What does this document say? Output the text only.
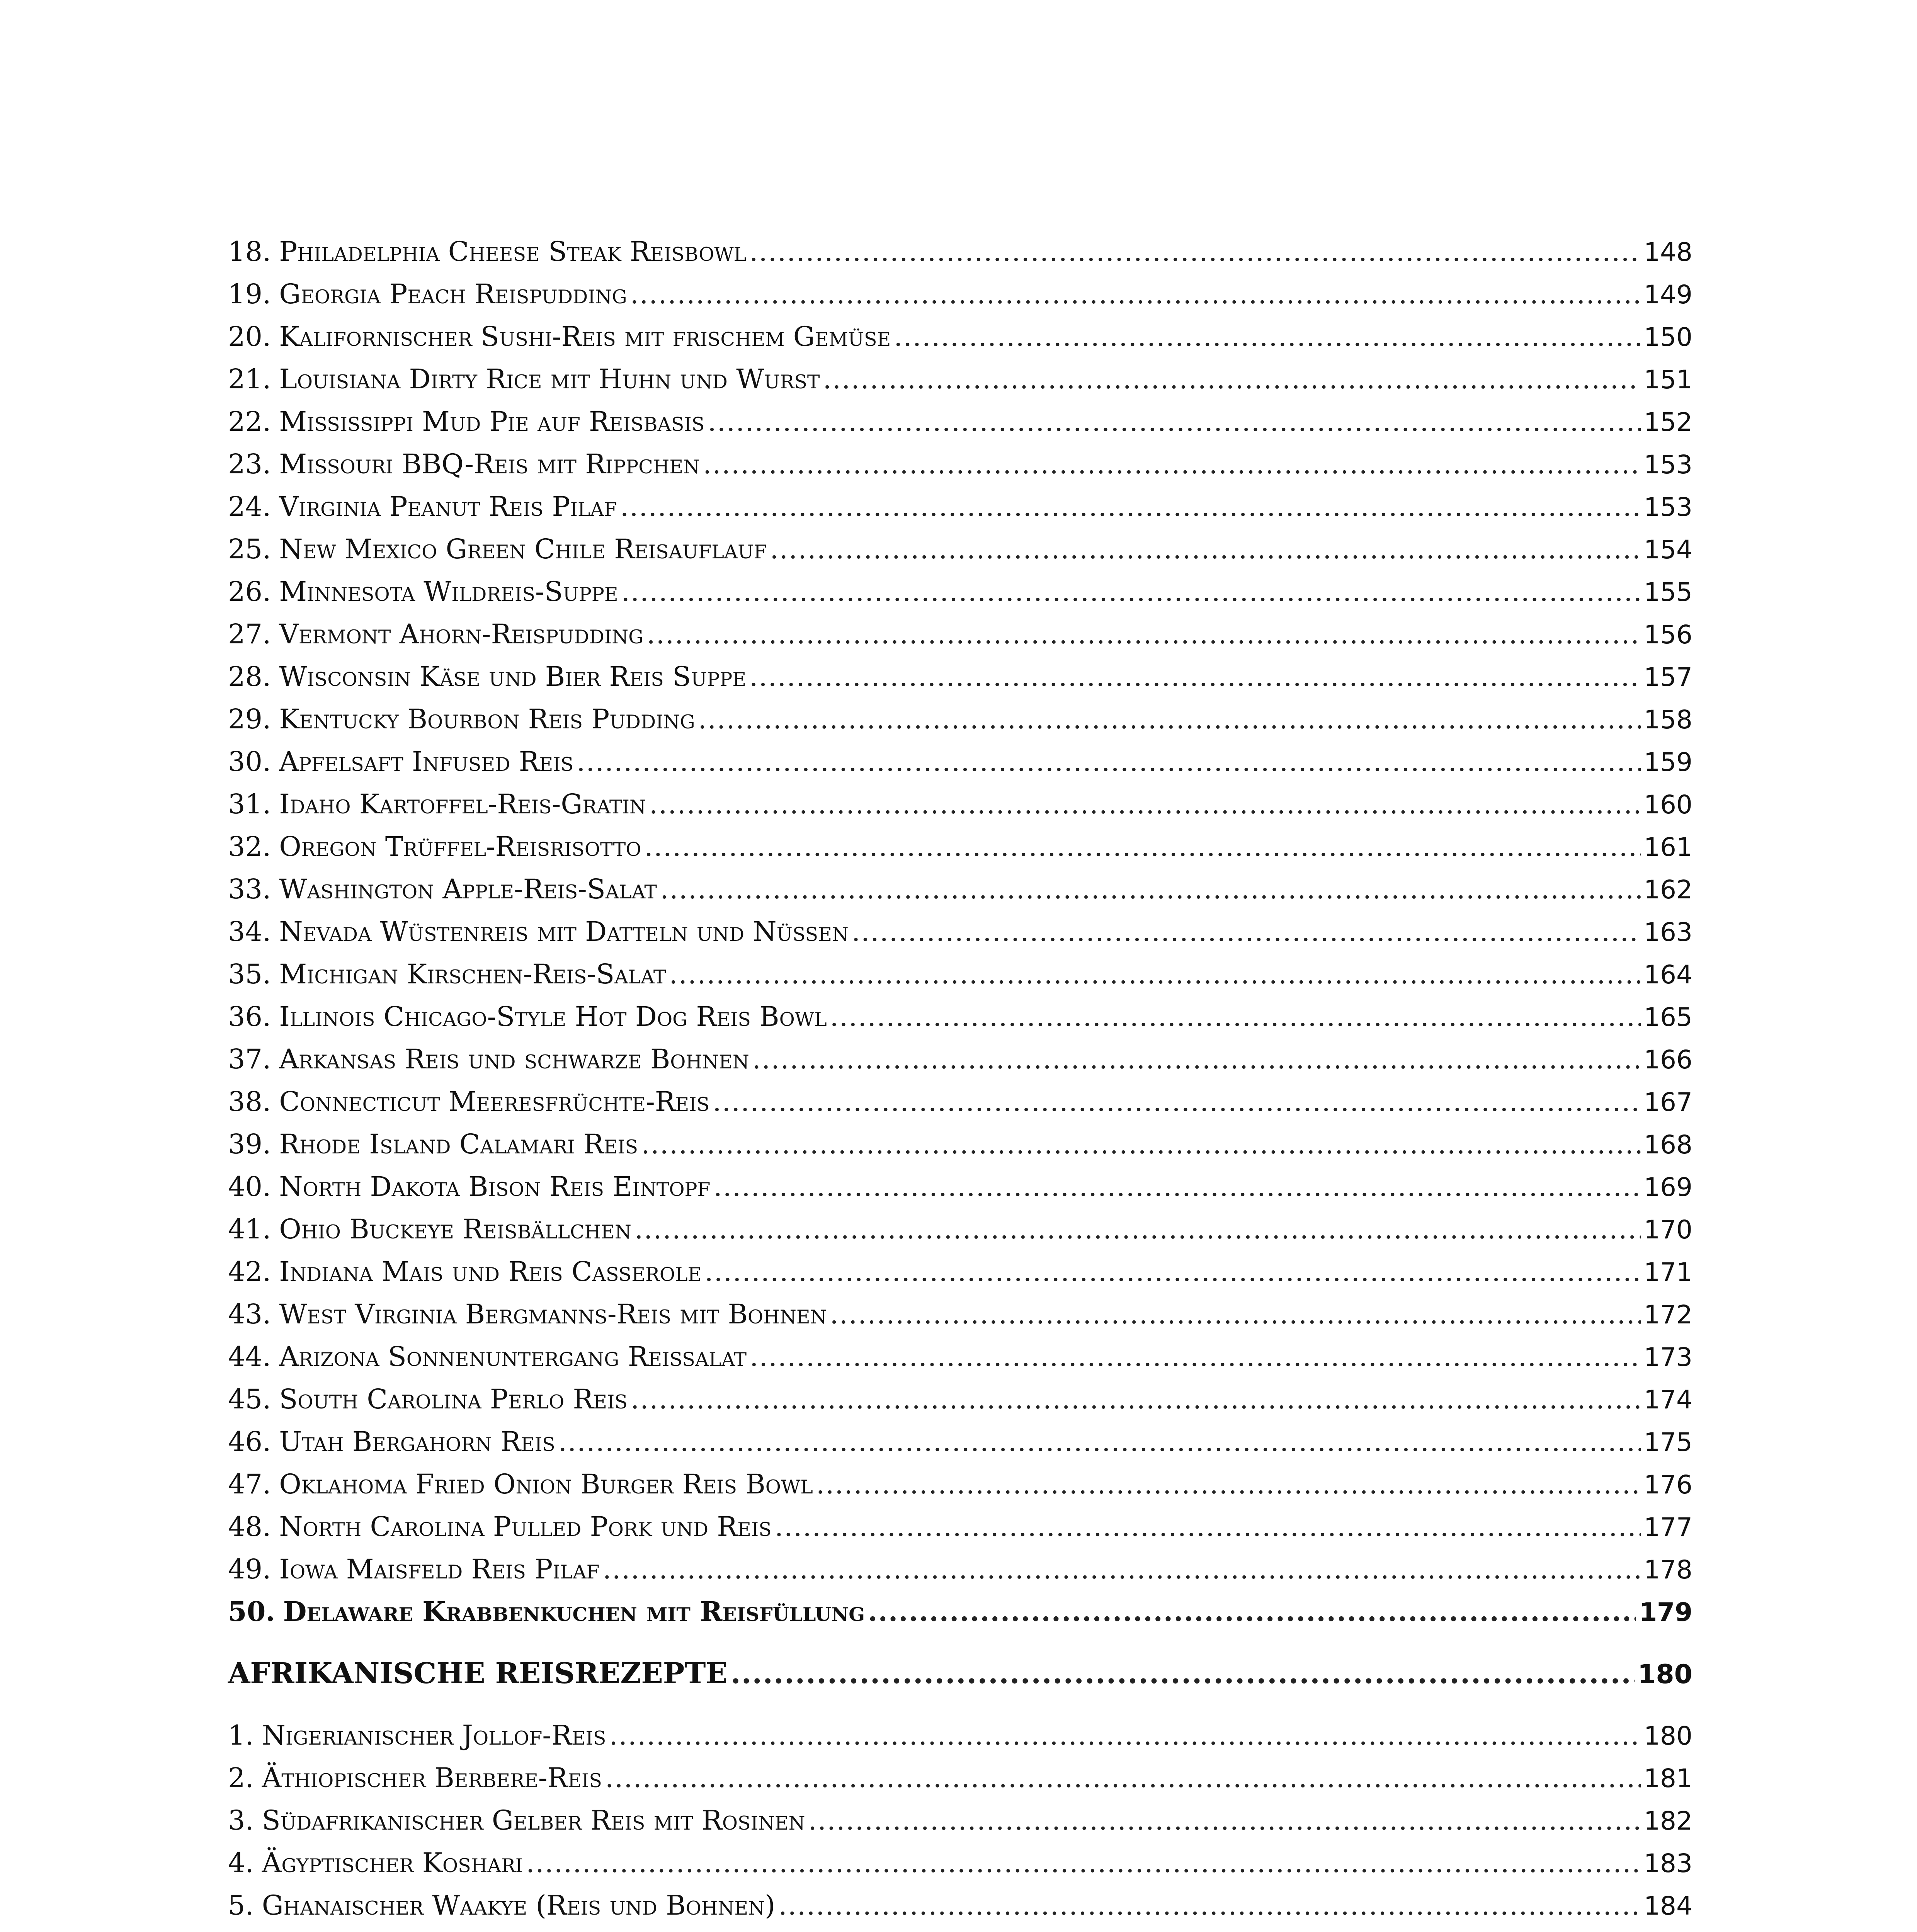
18. Philadelphia Cheese Steak Reisbowl .....	148
19. Georgia Peach Reispudding .....	149
20. Kalifornischer Sushi-Reis mit frischem Gemüse .....	150
21. Louisiana Dirty Rice mit Huhn und Wurst .....	151
22. Mississippi Mud Pie auf Reisbasis .....	152
23. Missouri BBQ-Reis mit Rippchen .....	153
24. Virginia Peanut Reis Pilaf .....	153
25. New Mexico Green Chile Reisauflauf .....	154
26. Minnesota Wildreis-Suppe .....	155
27. Vermont Ahorn-Reispudding .....	156
28. Wisconsin Käse und Bier Reis Suppe .....	157
29. Kentucky Bourbon Reis Pudding .....	158
30. Apfelsaft Infused Reis .....	159
31. Idaho Kartoffel-Reis-Gratin .....	160
32. Oregon Trüffel-Reisrisotto .....	161
33. Washington Apple-Reis-Salat .....	162
34. Nevada Wüstenreis mit Datteln und Nüssen .....	163
35. Michigan Kirschen-Reis-Salat .....	164
36. Illinois Chicago-Style Hot Dog Reis Bowl .....	165
37. Arkansas Reis und schwarze Bohnen .....	166
38. Connecticut Meeresfrüchte-Reis .....	167
39. Rhode Island Calamari Reis .....	168
40. North Dakota Bison Reis Eintopf .....	169
41. Ohio Buckeye Reisbällchen .....	170
42. Indiana Mais und Reis Casserole .....	171
43. West Virginia Bergmanns-Reis mit Bohnen .....	172
44. Arizona Sonnenuntergang Reissalat .....	173
45. South Carolina Perlo Reis .....	174
46. Utah Bergahorn Reis .....	175
47. Oklahoma Fried Onion Burger Reis Bowl .....	176
48. North Carolina Pulled Pork und Reis .....	177
49. Iowa Maisfeld Reis Pilaf .....	178
50. Delaware Krabbenkuchen mit Reisfüllung .....	179
AFRIKANISCHE REISREZEPTE .....	180
1. Nigerianischer Jollof-Reis .....	180
2. Äthiopischer Berbere-Reis .....	181
3. Südafrikanischer Gelber Reis mit Rosinen .....	182
4. Ägyptischer Koshari .....	183
5. Ghanaischer Waakye (Reis und Bohnen) .....	184
.....
